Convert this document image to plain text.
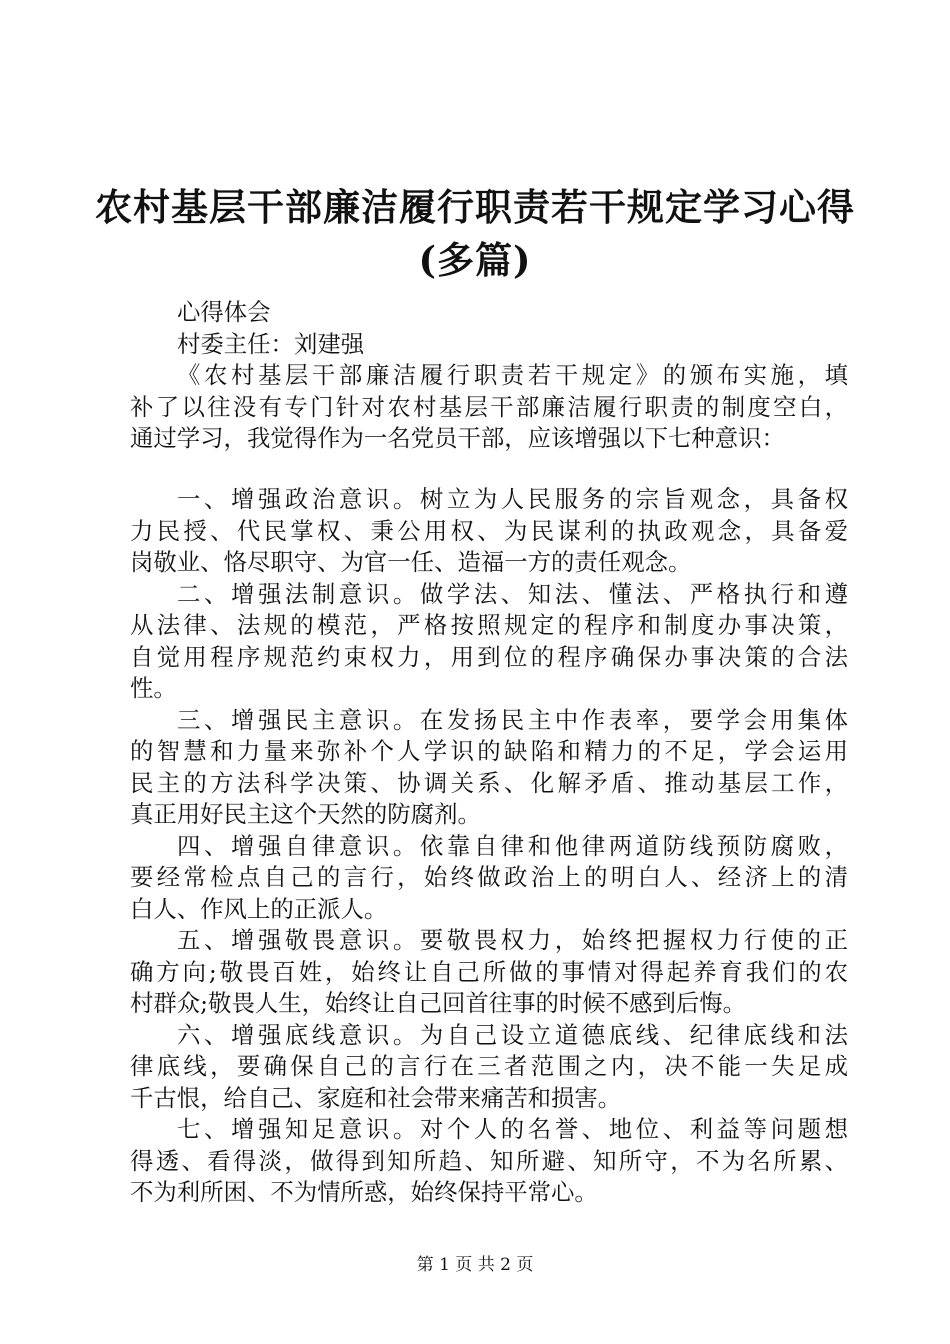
农村基层干部廉洁履行职责若干规定学习心得
(多篇)
心得体会
村委主任：刘建强
《农村基层干部廉洁履行职责若干规定》的颁布实施，填
补了以往没有专门针对农村基层干部廉洁履行职责的制度空白，
通过学习，我觉得作为一名党员干部，应该增强以下七种意识：
一、增强政治意识。树立为人民服务的宗旨观念，具备权
力民授、代民掌权、秉公用权、为民谋利的执政观念，具备爱
岗敬业、恪尽职守、为官一任、造福一方的责任观念。
二、增强法制意识。做学法、知法、懂法、严格执行和遵
从法律、法规的模范，严格按照规定的程序和制度办事决策，
自觉用程序规范约束权力，用到位的程序确保办事决策的合法
性。
三、增强民主意识。在发扬民主中作表率，要学会用集体
的智慧和力量来弥补个人学识的缺陷和精力的不足，学会运用
民主的方法科学决策、协调关系、化解矛盾、推动基层工作，
真正用好民主这个天然的防腐剂。
四、增强自律意识。依靠自律和他律两道防线预防腐败，
要经常检点自己的言行，始终做政治上的明白人、经济上的清
白人、作风上的正派人。
五、增强敬畏意识。要敬畏权力，始终把握权力行使的正
确方向;敬畏百姓，始终让自己所做的事情对得起养育我们的农
村群众;敬畏人生，始终让自己回首往事的时候不感到后悔。
六、增强底线意识。为自己设立道德底线、纪律底线和法
律底线，要确保自己的言行在三者范围之内，决不能一失足成
千古恨，给自己、家庭和社会带来痛苦和损害。
七、增强知足意识。对个人的名誉、地位、利益等问题想
得透、看得淡，做得到知所趋、知所避、知所守，不为名所累、
不为利所困、不为情所惑，始终保持平常心。
第 1 页 共 2 页
